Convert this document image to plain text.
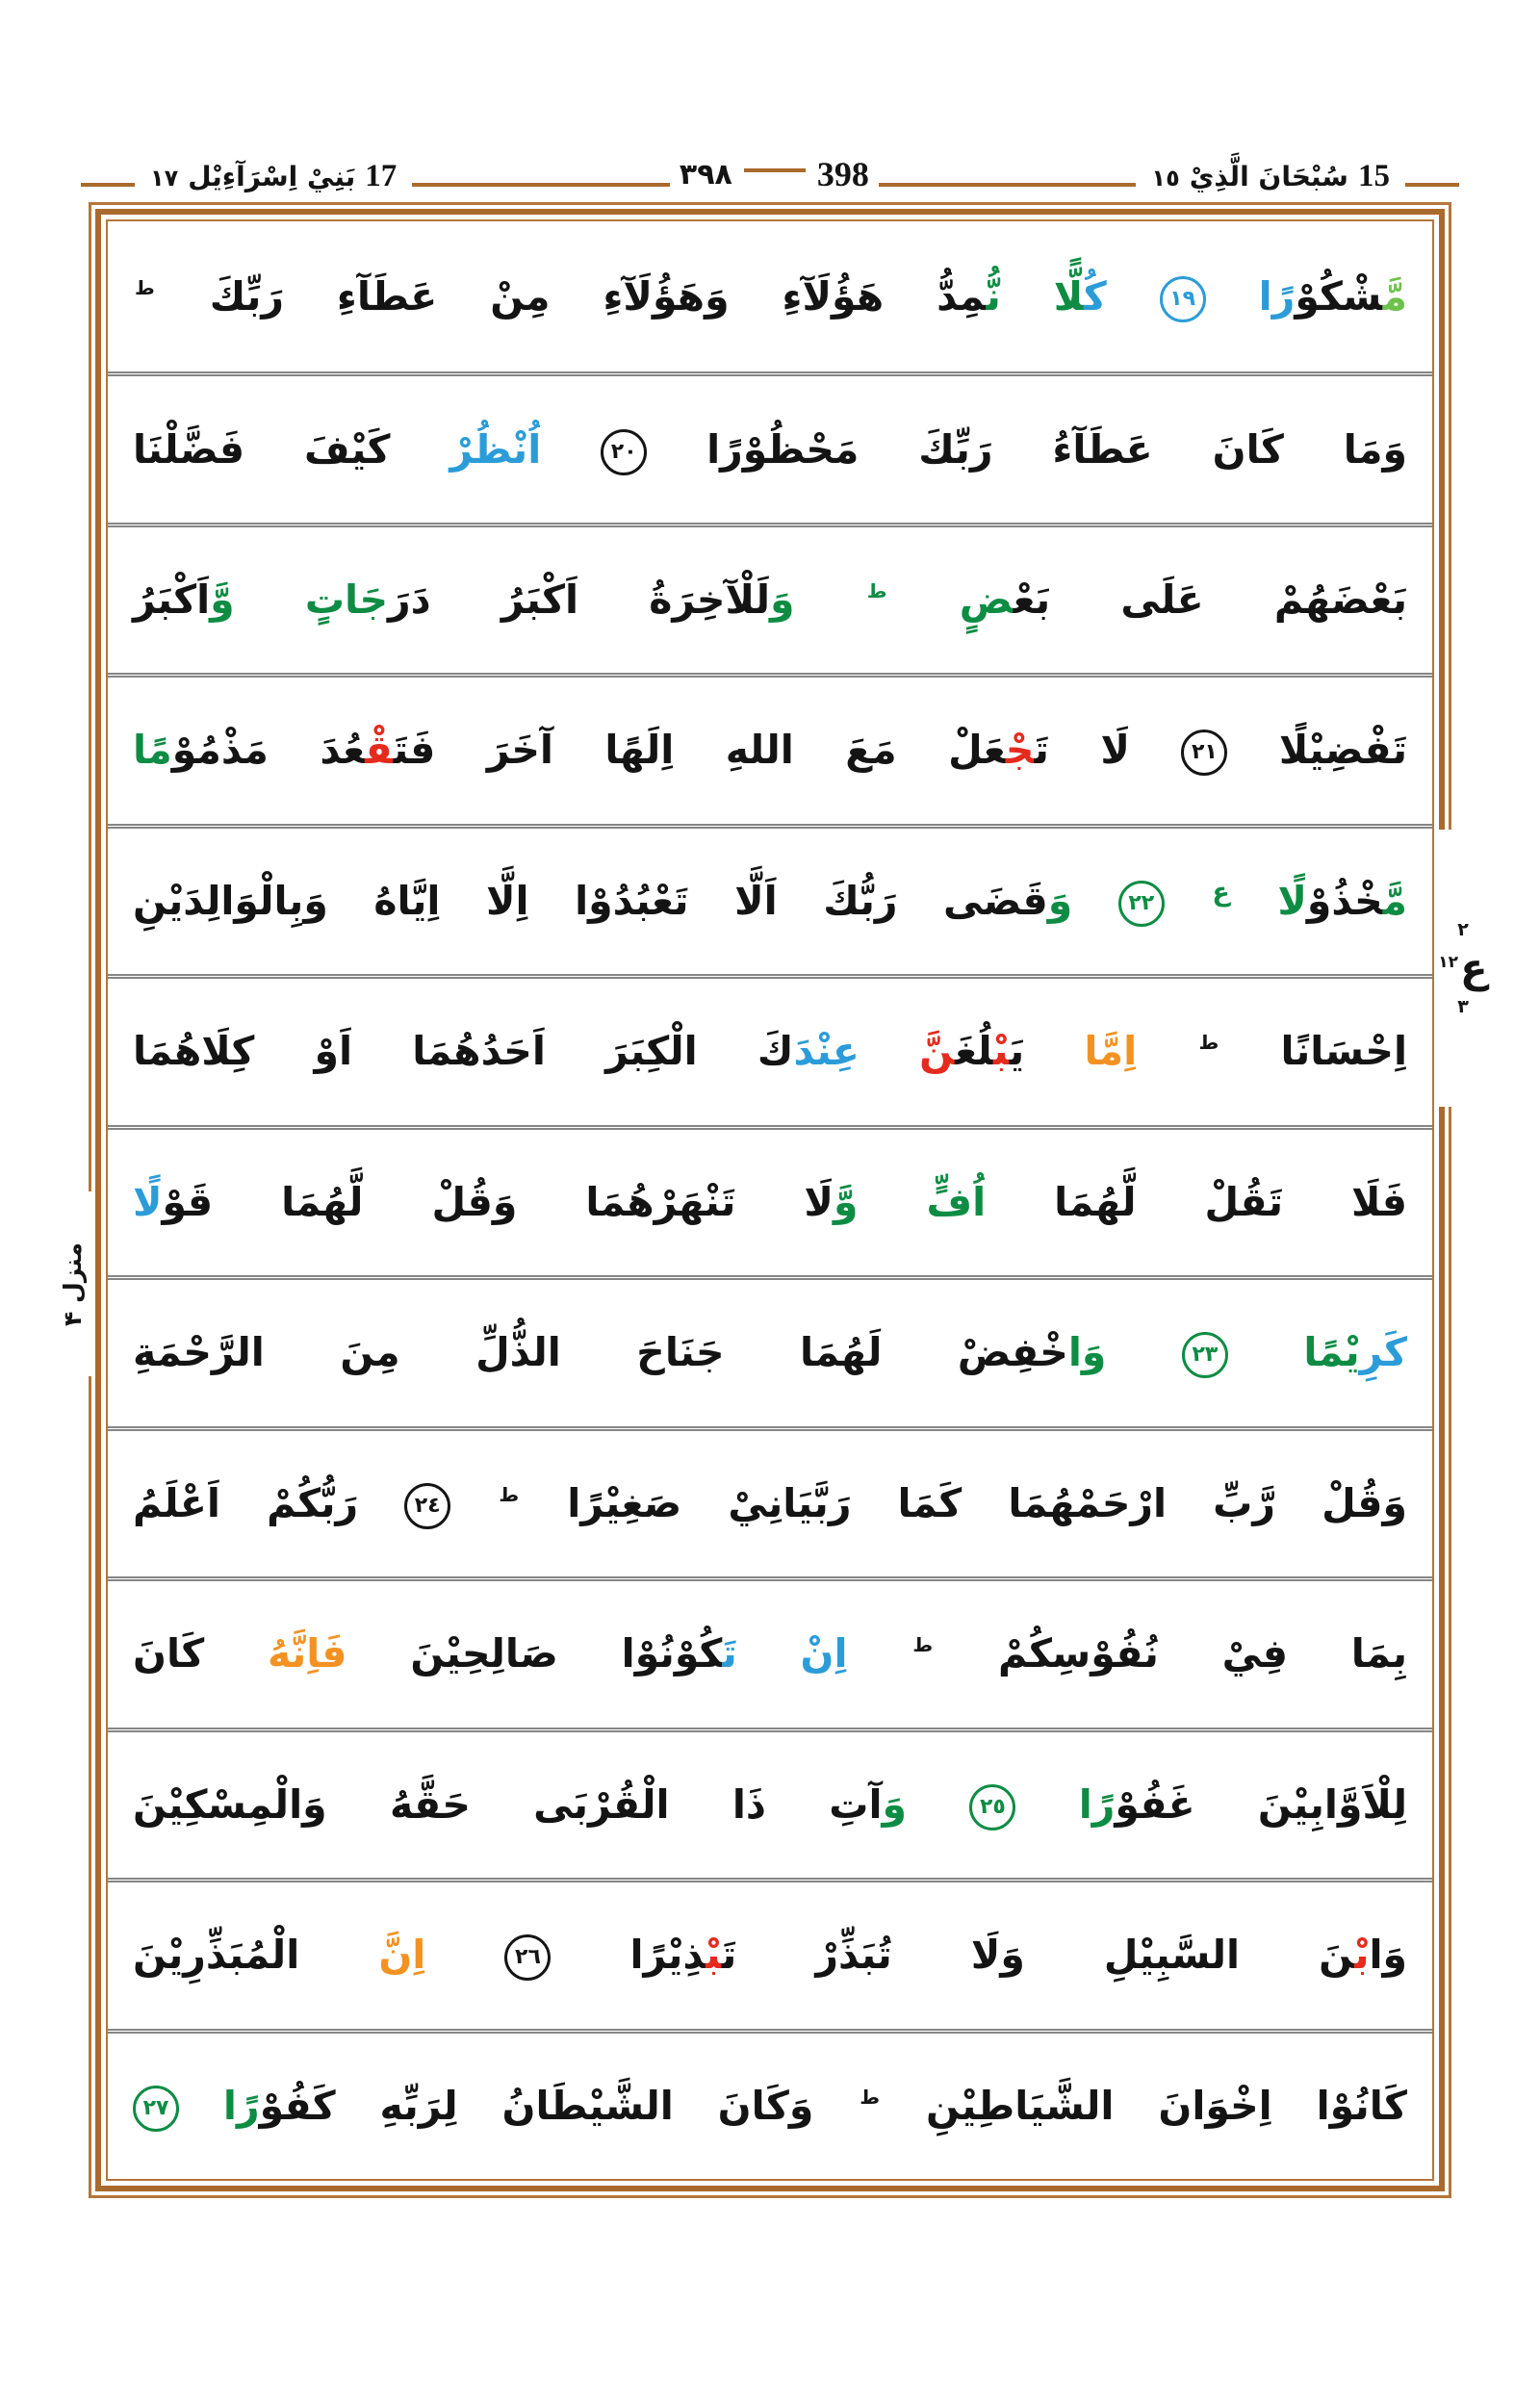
17
بَنِيْ اِسْرَآءِيْل
١٧	٣٩٨ 398	15
سُبْحَانَ الَّذِيْ
١٥

مَّ‍‍شْكُوْرًا ١٩ كُ‍‍لًّا نُّ‍‍مِدُّ هَؤُلَآءِ وَهَؤُلَآءِ مِنْ عَطَآءِ رَبِّكَ $^ط$

وَمَا كَانَ عَطَآءُ رَبِّكَ مَحْظُوْرًا ٢٠ اُنْظُرْ كَيْفَ فَضَّلْنَا

بَعْضَهُمْ عَلَى بَعْ‍‍ضٍ $^ط$ وَلَلْآخِرَةُ اَكْبَرُ دَرَجَاتٍ وَّاَكْبَرُ

تَفْضِيْلًا ٢١ لَا تَ‍‍جْ‍‍عَلْ مَعَ اللهِ اِلَهًا آخَرَ فَتَ‍‍قْ‍‍عُدَ مَذْمُوْمًا

مَّ‍‍خْذُوْلًا $^ع$ ٢٢ وَقَضَى رَبُّكَ اَلَّا تَعْبُدُوْا اِلَّا اِيَّاهُ وَبِالْوَالِدَيْنِ

اِحْسَانًا $^ط$ اِمَّا يَ‍‍بْ‍‍لُغَ‍‍نَّ عِنْدَكَ الْكِبَرَ اَحَدُهُمَا اَوْ كِلَاهُمَا

فَلَا تَقُلْ لَّهُمَا اُفٍّ وَّلَا تَنْهَرْهُمَا وَقُلْ لَّهُمَا قَوْلًا

كَرِيْمًا ٢٣ وَاخْفِضْ لَهُمَا جَنَاحَ الذُّلِّ مِنَ الرَّحْمَةِ

وَقُلْ رَّبِّ ارْحَمْهُمَا كَمَا رَبَّيَانِيْ صَغِيْرًا $^ط$ ٢٤ رَبُّكُمْ اَعْلَمُ

بِمَا فِيْ نُفُوْسِكُمْ $^ط$ اِنْ تَ‍‍كُوْنُوْا صَالِحِيْنَ فَاِنَّهُ كَانَ

لِلْاَوَّابِيْنَ غَفُوْرًا ٢٥ وَآتِ ذَا الْقُرْبَى حَقَّهُ وَالْمِسْكِيْنَ

وَابْ‍‍نَ السَّبِيْلِ وَلَا تُبَذِّرْ تَ‍‍بْ‍‍ذِيْرًا ٢٦ اِنَّ الْمُبَذِّرِيْنَ

كَانُوْا اِخْوَانَ الشَّيَاطِيْنِ $^ط$ وَكَانَ الشَّيْطَانُ لِرَبِّهِ كَفُوْرًا ٢٧

منزل ۴
٢
ع
١٢
٣
